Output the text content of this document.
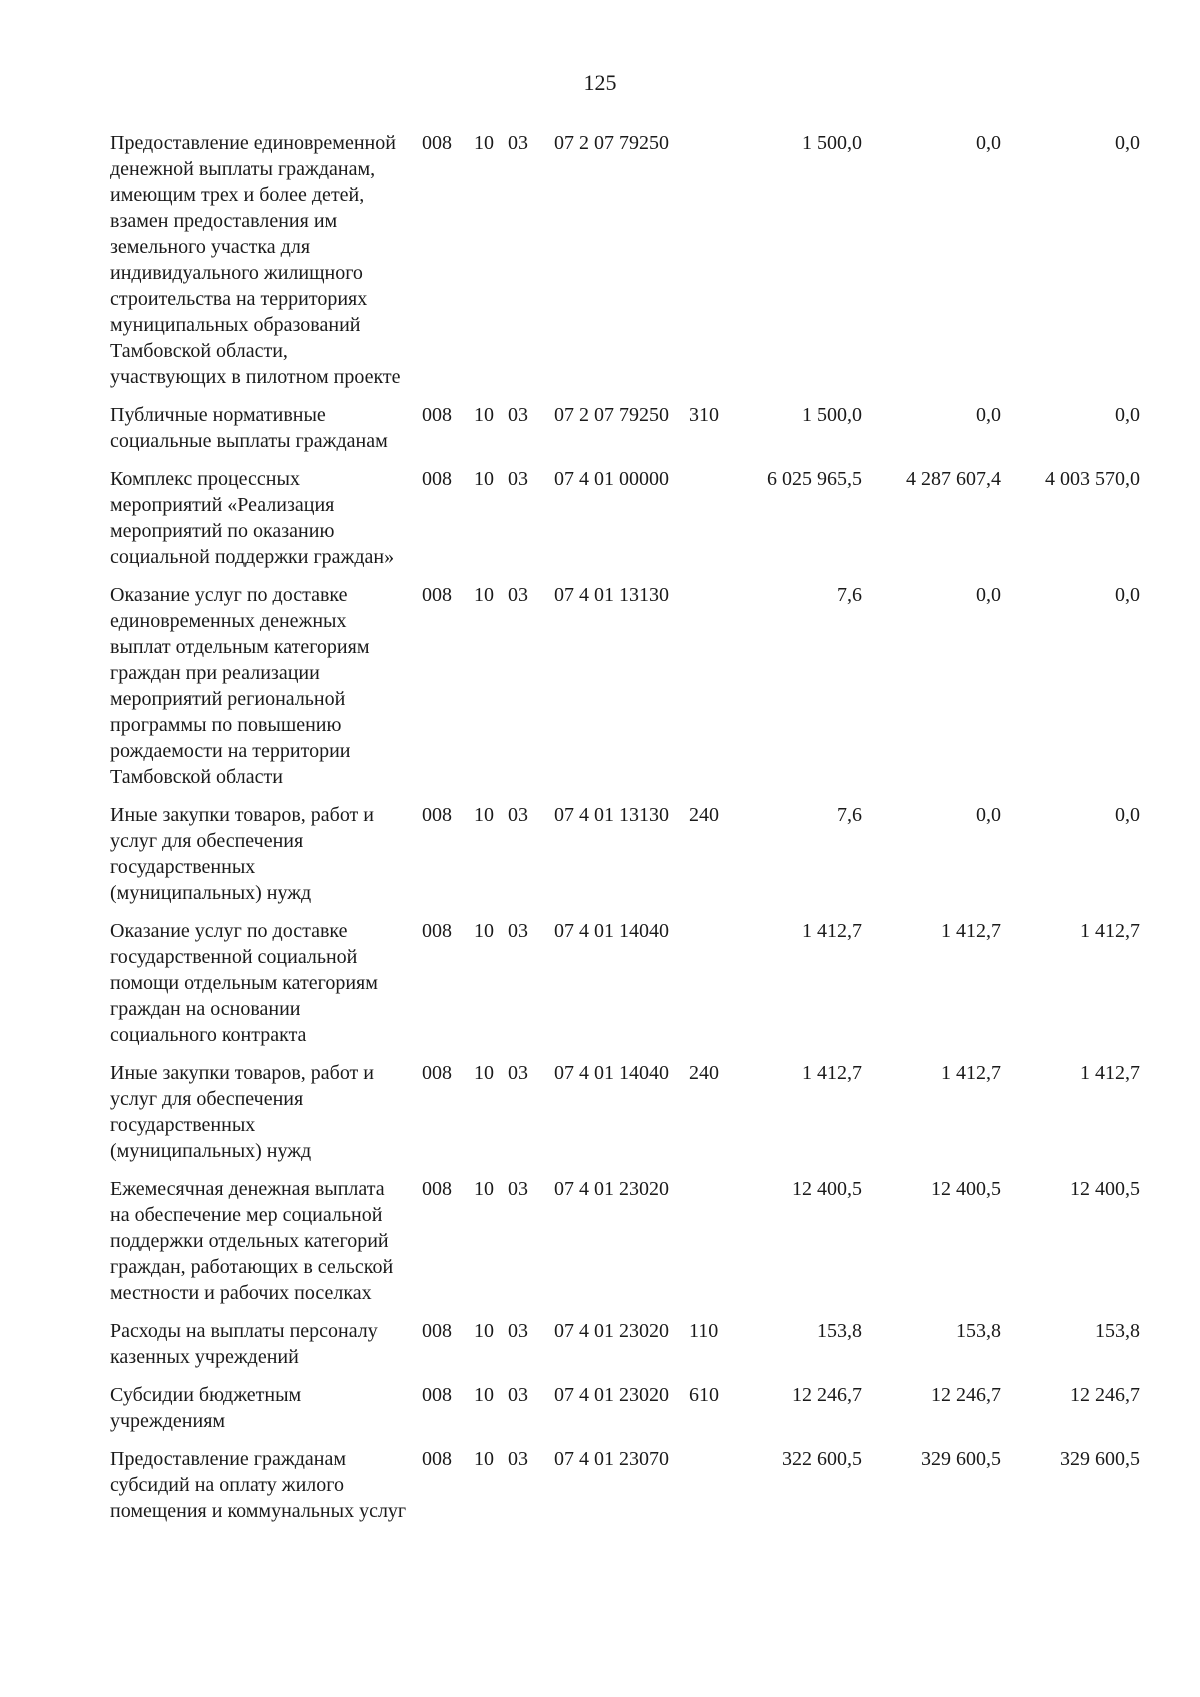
125
Предоставление единовременной денежной выплаты гражданам, имеющим трех и более детей, взамен предоставления им земельного участка для индивидуального жилищного строительства на территориях муниципальных образований Тамбовской области, участвующих в пилотном проекте	008	10	03	07 2 07 79250		1 500,0	0,0	0,0
Публичные нормативные социальные выплаты гражданам	008	10	03	07 2 07 79250	310	1 500,0	0,0	0,0
Комплекс процессных мероприятий «Реализация мероприятий по оказанию социальной поддержки граждан»	008	10	03	07 4 01 00000		6 025 965,5	4 287 607,4	4 003 570,0
Оказание услуг по доставке единовременных денежных выплат отдельным категориям граждан при реализации мероприятий региональной программы по повышению рождаемости на территории Тамбовской области	008	10	03	07 4 01 13130		7,6	0,0	0,0
Иные закупки товаров, работ и услуг для обеспечения государственных (муниципальных) нужд	008	10	03	07 4 01 13130	240	7,6	0,0	0,0
Оказание услуг по доставке государственной социальной помощи отдельным категориям граждан на основании социального контракта	008	10	03	07 4 01 14040		1 412,7	1 412,7	1 412,7
Иные закупки товаров, работ и услуг для обеспечения государственных (муниципальных) нужд	008	10	03	07 4 01 14040	240	1 412,7	1 412,7	1 412,7
Ежемесячная денежная выплата на обеспечение мер социальной поддержки отдельных категорий граждан, работающих в сельской местности и рабочих поселках	008	10	03	07 4 01 23020		12 400,5	12 400,5	12 400,5
Расходы на выплаты персоналу казенных учреждений	008	10	03	07 4 01 23020	110	153,8	153,8	153,8
Субсидии бюджетным учреждениям	008	10	03	07 4 01 23020	610	12 246,7	12 246,7	12 246,7
Предоставление гражданам субсидий на оплату жилого помещения и коммунальных услуг	008	10	03	07 4 01 23070		322 600,5	329 600,5	329 600,5
